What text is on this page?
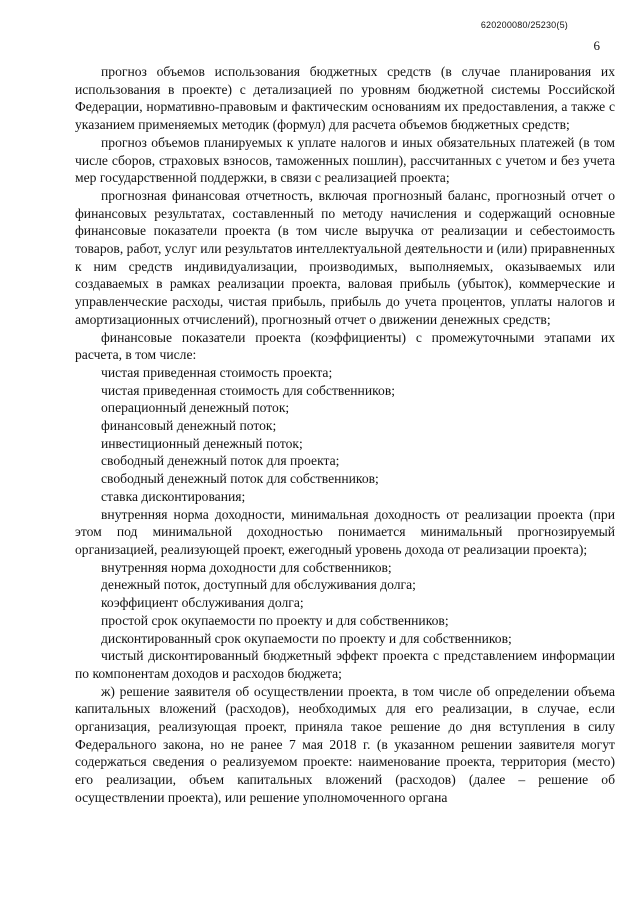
620200080/25230(5)
6

прогноз объемов использования бюджетных средств (в случае планирования их использования в проекте) с детализацией по уровням бюджетной системы Российской Федерации, нормативно-правовым и фактическим основаниям их предоставления, а также с указанием применяемых методик (формул) для расчета объемов бюджетных средств;

прогноз объемов планируемых к уплате налогов и иных обязательных платежей (в том числе сборов, страховых взносов, таможенных пошлин), рассчитанных с учетом и без учета мер государственной поддержки, в связи с реализацией проекта;

прогнозная финансовая отчетность, включая прогнозный баланс, прогнозный отчет о финансовых результатах, составленный по методу начисления и содержащий основные финансовые показатели проекта (в том числе выручка от реализации и себестоимость товаров, работ, услуг или результатов интеллектуальной деятельности и (или) приравненных к ним средств индивидуализации, производимых, выполняемых, оказываемых или создаваемых в рамках реализации проекта, валовая прибыль (убыток), коммерческие и управленческие расходы, чистая прибыль, прибыль до учета процентов, уплаты налогов и амортизационных отчислений), прогнозный отчет о движении денежных средств;

финансовые показатели проекта (коэффициенты) с промежуточными этапами их расчета, в том числе:

чистая приведенная стоимость проекта;

чистая приведенная стоимость для собственников;

операционный денежный поток;

финансовый денежный поток;

инвестиционный денежный поток;

свободный денежный поток для проекта;

свободный денежный поток для собственников;

ставка дисконтирования;

внутренняя норма доходности, минимальная доходность от реализации проекта (при этом под минимальной доходностью понимается минимальный прогнозируемый организацией, реализующей проект, ежегодный уровень дохода от реализации проекта);

внутренняя норма доходности для собственников;

денежный поток, доступный для обслуживания долга;

коэффициент обслуживания долга;

простой срок окупаемости по проекту и для собственников;

дисконтированный срок окупаемости по проекту и для собственников;

чистый дисконтированный бюджетный эффект проекта с представлением информации по компонентам доходов и расходов бюджета;

ж) решение заявителя об осуществлении проекта, в том числе об определении объема капитальных вложений (расходов), необходимых для его реализации, в случае, если организация, реализующая проект, приняла такое решение до дня вступления в силу Федерального закона, но не ранее 7 мая 2018 г. (в указанном решении заявителя могут содержаться сведения о реализуемом проекте: наименование проекта, территория (место) его реализации, объем капитальных вложений (расходов) (далее – решение об осуществлении проекта), или решение уполномоченного органа
